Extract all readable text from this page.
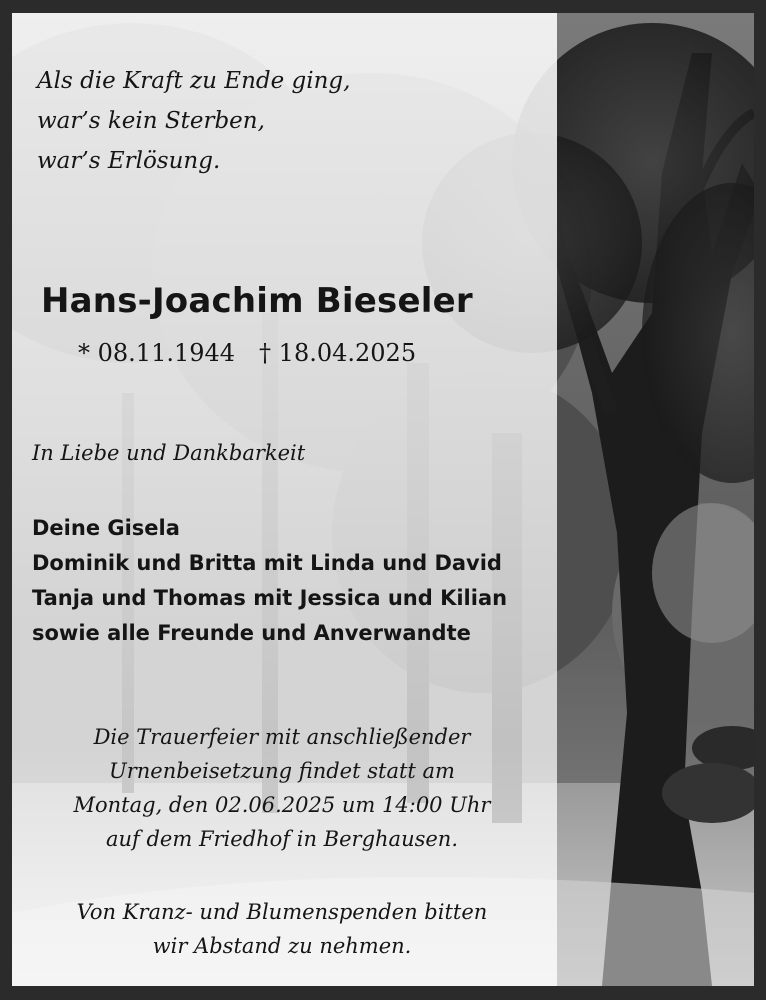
Als die Kraft zu Ende ging,
war’s kein Sterben,
war’s Erlösung.
Hans-Joachim Bieseler
* 08.11.1944 † 18.04.2025
In Liebe und Dankbarkeit
Deine Gisela
Dominik und Britta mit Linda und David
Tanja und Thomas mit Jessica und Kilian
sowie alle Freunde und Anverwandte
Die Trauerfeier mit anschließender
Urnenbeisetzung findet statt am
Montag, den 02.06.2025 um 14:00 Uhr
auf dem Friedhof in Berghausen.
Von Kranz- und Blumenspenden bitten
wir Abstand zu nehmen.
